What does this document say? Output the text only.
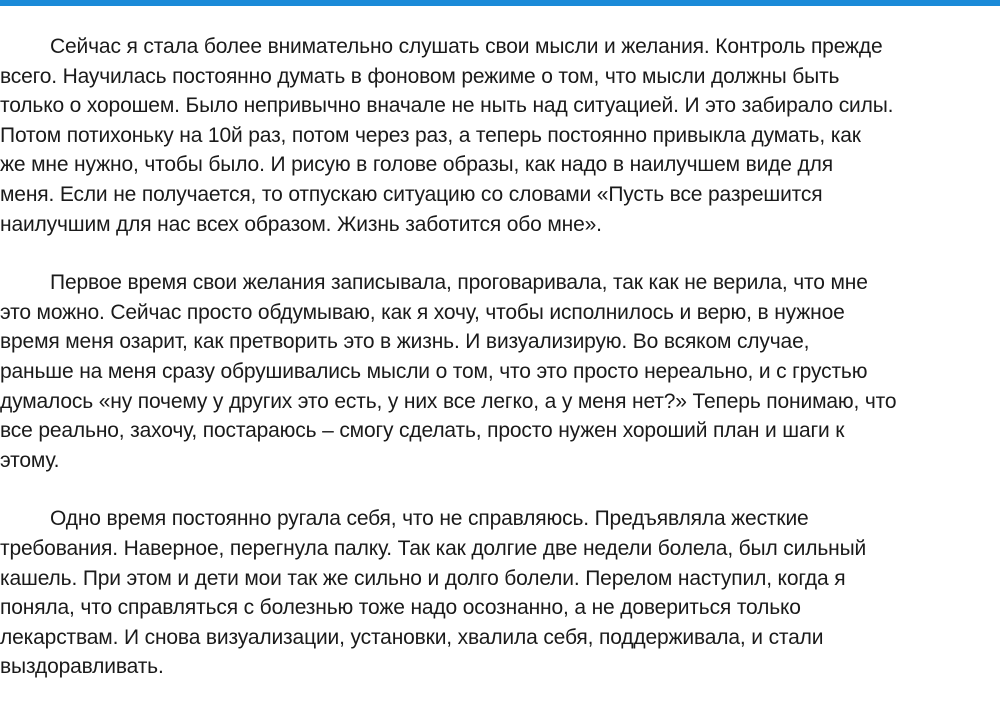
Сейчас я стала более внимательно слушать свои мысли и желания. Контроль прежде
всего. Научилась постоянно думать в фоновом режиме о том, что мысли должны быть
только о хорошем. Было непривычно вначале не ныть над ситуацией. И это забирало силы.
Потом потихоньку на 10й раз, потом через раз, а теперь постоянно привыкла думать, как
же мне нужно, чтобы было. И рисую в голове образы, как надо в наилучшем виде для
меня. Если не получается, то отпускаю ситуацию со словами «Пусть все разрешится
наилучшим для нас всех образом. Жизнь заботится обо мне».
Первое время свои желания записывала, проговаривала, так как не верила, что мне
это можно. Сейчас просто обдумываю, как я хочу, чтобы исполнилось и верю, в нужное
время меня озарит, как претворить это в жизнь. И визуализирую. Во всяком случае,
раньше на меня сразу обрушивались мысли о том, что это просто нереально, и с грустью
думалось «ну почему у других это есть, у них все легко, а у меня нет?» Теперь понимаю, что
все реально, захочу, постараюсь – смогу сделать, просто нужен хороший план и шаги к
этому.
Одно время постоянно ругала себя, что не справляюсь. Предъявляла жесткие
требования. Наверное, перегнула палку. Так как долгие две недели болела, был сильный
кашель. При этом и дети мои так же сильно и долго болели. Перелом наступил, когда я
поняла, что справляться с болезнью тоже надо осознанно, а не довериться только
лекарствам. И снова визуализации, установки, хвалила себя, поддерживала, и стали
выздоравливать.
